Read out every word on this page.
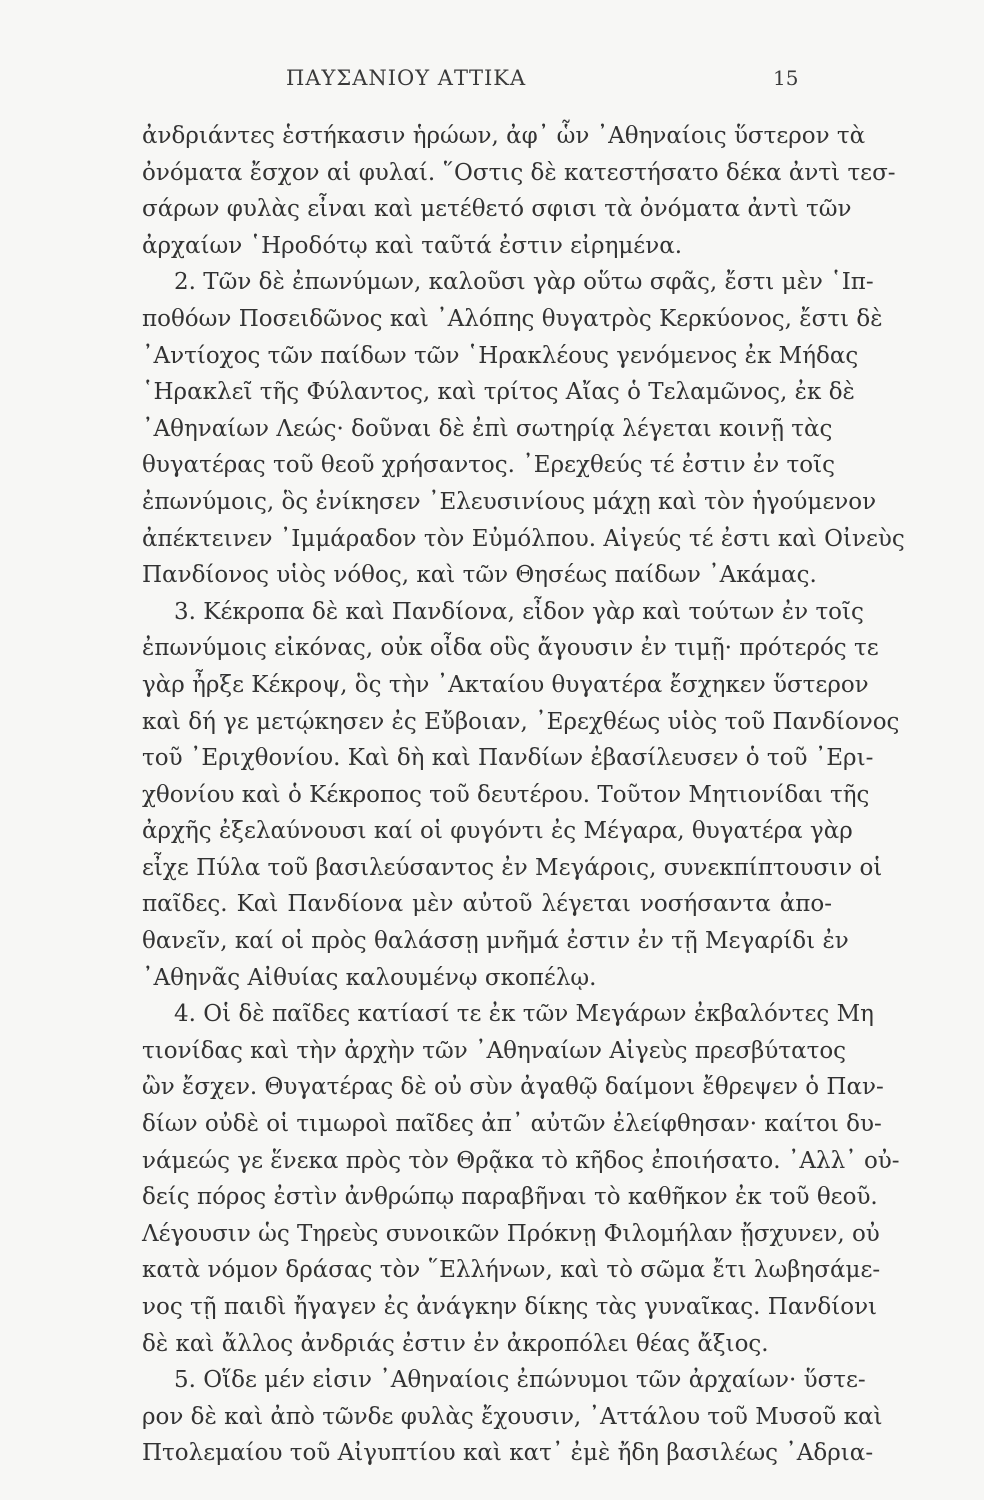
ΠΑΥΣΑΝΙΟΥ ΑΤΤΙΚΑ	15
ἀνδριάντες ἑστήκασιν ἡρώων, ἀφ᾽ ὧν ᾽Αθηναίοις ὕστερον τὰ
ὀνόματα ἔσχον αἱ φυλαί. ῞Οστις δὲ κατεστήσατο δέκα ἀντὶ τεσ-
σάρων φυλὰς εἶναι καὶ μετέθετό σφισι τὰ ὀνόματα ἀντὶ τῶν
ἀρχαίων ῾Ηροδότῳ καὶ ταῦτά ἐστιν εἰρημένα.
2. Τῶν δὲ ἐπωνύμων, καλοῦσι γὰρ οὕτω σφᾶς, ἔστι μὲν ῾Ιπ-
ποθόων Ποσειδῶνος καὶ ᾽Αλόπης θυγατρὸς Κερκύονος, ἔστι δὲ
᾽Αντίοχος τῶν παίδων τῶν ῾Ηρακλέους γενόμενος ἐκ Μήδας
῾Ηρακλεῖ τῆς Φύλαντος, καὶ τρίτος Αἴας ὁ Τελαμῶνος, ἐκ δὲ
᾽Αθηναίων Λεώς· δοῦναι δὲ ἐπὶ σωτηρίᾳ λέγεται κοινῇ τὰς
θυγατέρας τοῦ θεοῦ χρήσαντος. ᾽Ερεχθεύς τέ ἐστιν ἐν τοῖς
ἐπωνύμοις, ὃς ἐνίκησεν ᾽Ελευσινίους μάχῃ καὶ τὸν ἡγούμενον
ἀπέκτεινεν ᾽Ιμμάραδον τὸν Εὐμόλπου. Αἰγεύς τέ ἐστι καὶ Οἰνεὺς
Πανδίονος υἱὸς νόθος, καὶ τῶν Θησέως παίδων ᾽Ακάμας.
3. Κέκροπα δὲ καὶ Πανδίονα, εἶδον γὰρ καὶ τούτων ἐν τοῖς
ἐπωνύμοις εἰκόνας, οὐκ οἶδα οὓς ἄγουσιν ἐν τιμῇ· πρότερός τε
γὰρ ἦρξε Κέκροψ, ὃς τὴν ᾽Ακταίου θυγατέρα ἔσχηκεν ὕστερον
καὶ δή γε μετῴκησεν ἐς Εὔβοιαν, ᾽Ερεχθέως υἱὸς τοῦ Πανδίονος
τοῦ ᾽Εριχθονίου. Καὶ δὴ καὶ Πανδίων ἐβασίλευσεν ὁ τοῦ ᾽Ερι-
χθονίου καὶ ὁ Κέκροπος τοῦ δευτέρου. Τοῦτον Μητιονίδαι τῆς
ἀρχῆς ἐξελαύνουσι καί οἱ φυγόντι ἐς Μέγαρα, θυγατέρα γὰρ
εἶχε Πύλα τοῦ βασιλεύσαντος ἐν Μεγάροις, συνεκπίπτουσιν οἱ
παῖδες. Καὶ Πανδίονα μὲν αὐτοῦ λέγεται νοσήσαντα ἀπο-
θανεῖν, καί οἱ πρὸς θαλάσσῃ μνῆμά ἐστιν ἐν τῇ Μεγαρίδι ἐν
᾽Αθηνᾶς Αἰθυίας καλουμένῳ σκοπέλῳ.
4. Οἱ δὲ παῖδες κατίασί τε ἐκ τῶν Μεγάρων ἐκβαλόντες Μη
τιονίδας καὶ τὴν ἀρχὴν τῶν ᾽Αθηναίων Αἰγεὺς πρεσβύτατος
ὢν ἔσχεν. Θυγατέρας δὲ οὐ σὺν ἀγαθῷ δαίμονι ἔθρεψεν ὁ Παν-
δίων οὐδὲ οἱ τιμωροὶ παῖδες ἀπ᾽ αὐτῶν ἐλείφθησαν· καίτοι δυ-
νάμεώς γε ἕνεκα πρὸς τὸν Θρᾷκα τὸ κῆδος ἐποιήσατο. ᾽Αλλ᾽ οὐ-
δείς πόρος ἐστὶν ἀνθρώπῳ παραβῆναι τὸ καθῆκον ἐκ τοῦ θεοῦ.
Λέγουσιν ὡς Τηρεὺς συνοικῶν Πρόκνῃ Φιλομήλαν ᾔσχυνεν, οὐ
κατὰ νόμον δράσας τὸν ῞Ελλήνων, καὶ τὸ σῶμα ἔτι λωβησάμε-
νος τῇ παιδὶ ἤγαγεν ἐς ἀνάγκην δίκης τὰς γυναῖκας. Πανδίονι
δὲ καὶ ἄλλος ἀνδριάς ἐστιν ἐν ἀκροπόλει θέας ἄξιος.
5. Οἵδε μέν εἰσιν ᾽Αθηναίοις ἐπώνυμοι τῶν ἀρχαίων· ὕστε-
ρον δὲ καὶ ἀπὸ τῶνδε φυλὰς ἔχουσιν, ᾽Αττάλου τοῦ Μυσοῦ καὶ
Πτολεμαίου τοῦ Αἰγυπτίου καὶ κατ᾽ ἐμὲ ἤδη βασιλέως ᾽Αδρια-
